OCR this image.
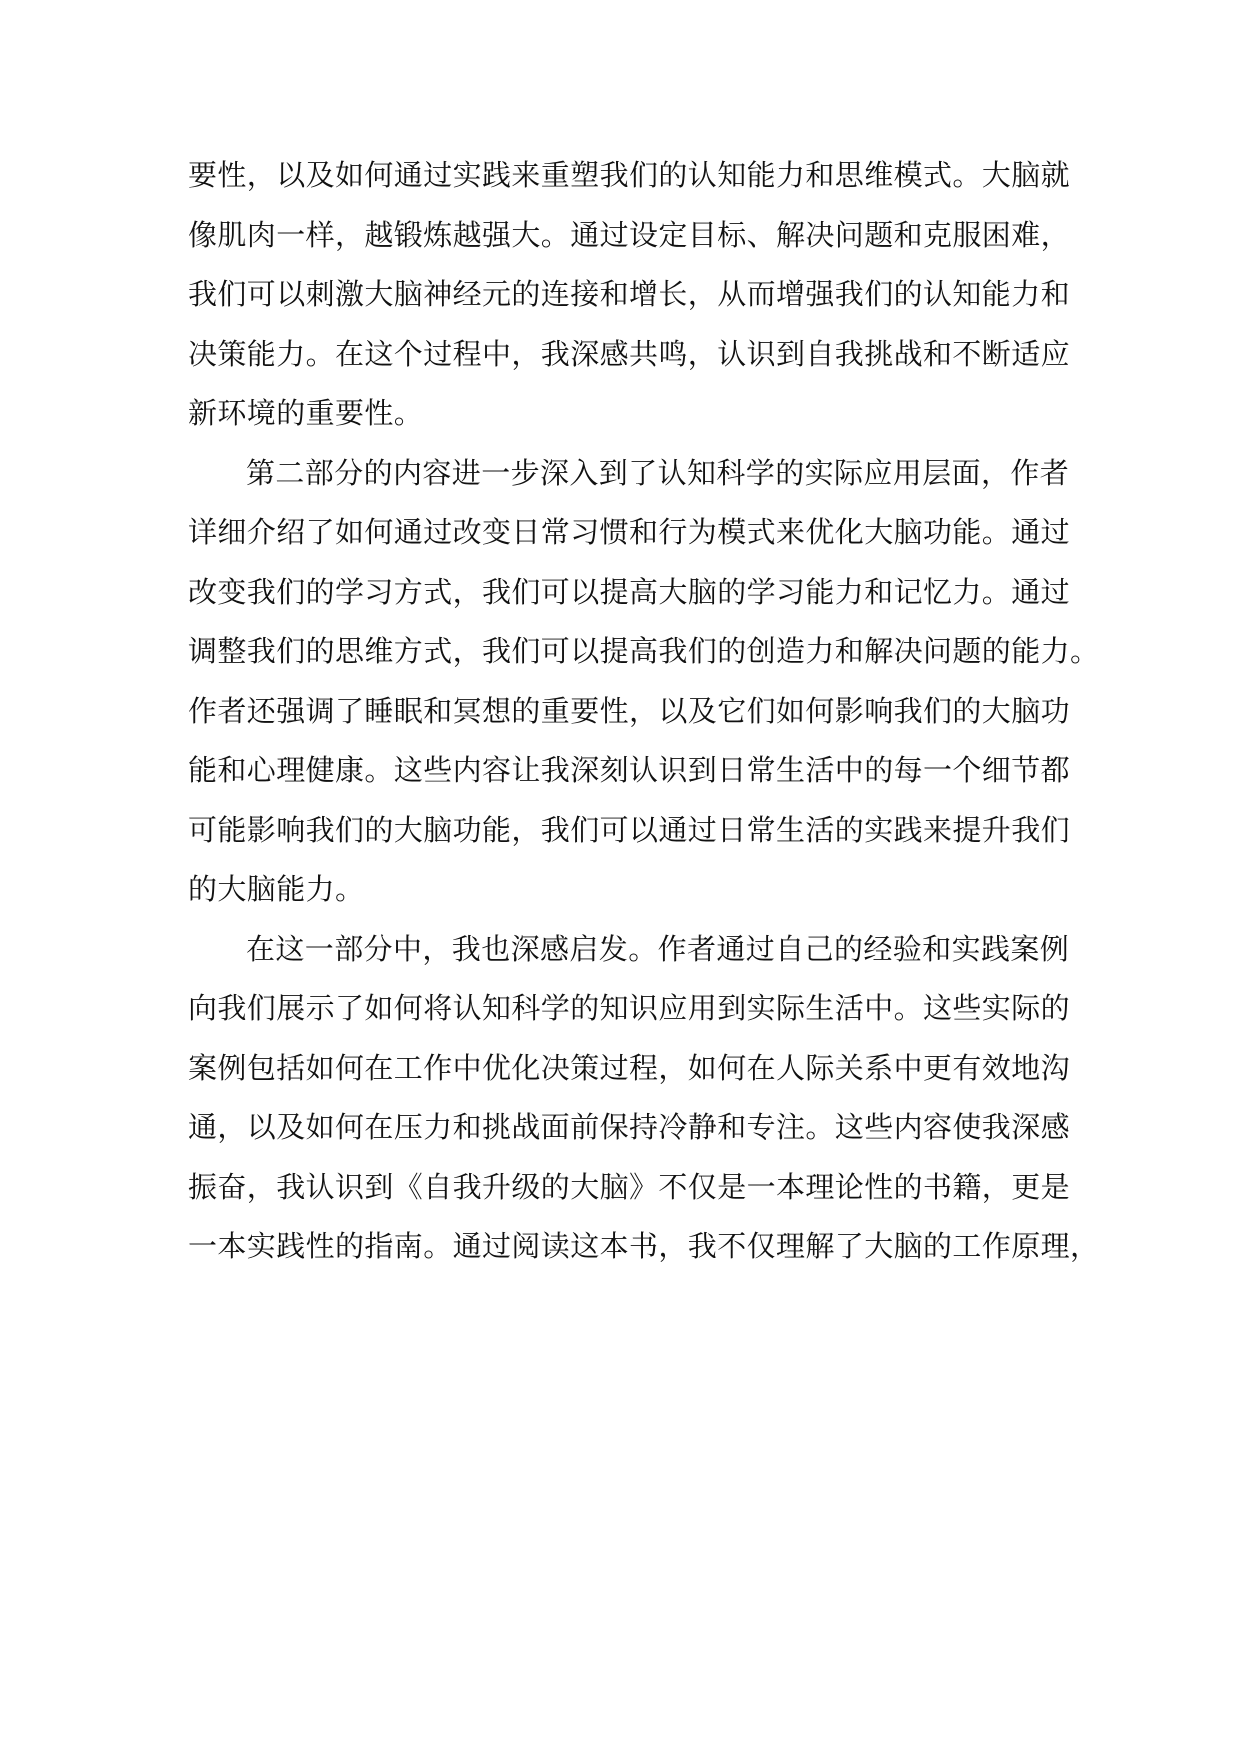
要性，以及如何通过实践来重塑我们的认知能力和思维模式。大脑就
像肌肉一样，越锻炼越强大。通过设定目标、解决问题和克服困难，
我们可以刺激大脑神经元的连接和增长，从而增强我们的认知能力和
决策能力。在这个过程中，我深感共鸣，认识到自我挑战和不断适应
新环境的重要性。
第二部分的内容进一步深入到了认知科学的实际应用层面，作者
详细介绍了如何通过改变日常习惯和行为模式来优化大脑功能。通过
改变我们的学习方式，我们可以提高大脑的学习能力和记忆力。通过
调整我们的思维方式，我们可以提高我们的创造力和解决问题的能力。
作者还强调了睡眠和冥想的重要性，以及它们如何影响我们的大脑功
能和心理健康。这些内容让我深刻认识到日常生活中的每一个细节都
可能影响我们的大脑功能，我们可以通过日常生活的实践来提升我们
的大脑能力。
在这一部分中，我也深感启发。作者通过自己的经验和实践案例
向我们展示了如何将认知科学的知识应用到实际生活中。这些实际的
案例包括如何在工作中优化决策过程，如何在人际关系中更有效地沟
通，以及如何在压力和挑战面前保持冷静和专注。这些内容使我深感
振奋，我认识到《自我升级的大脑》不仅是一本理论性的书籍，更是
一本实践性的指南。通过阅读这本书，我不仅理解了大脑的工作原理，
